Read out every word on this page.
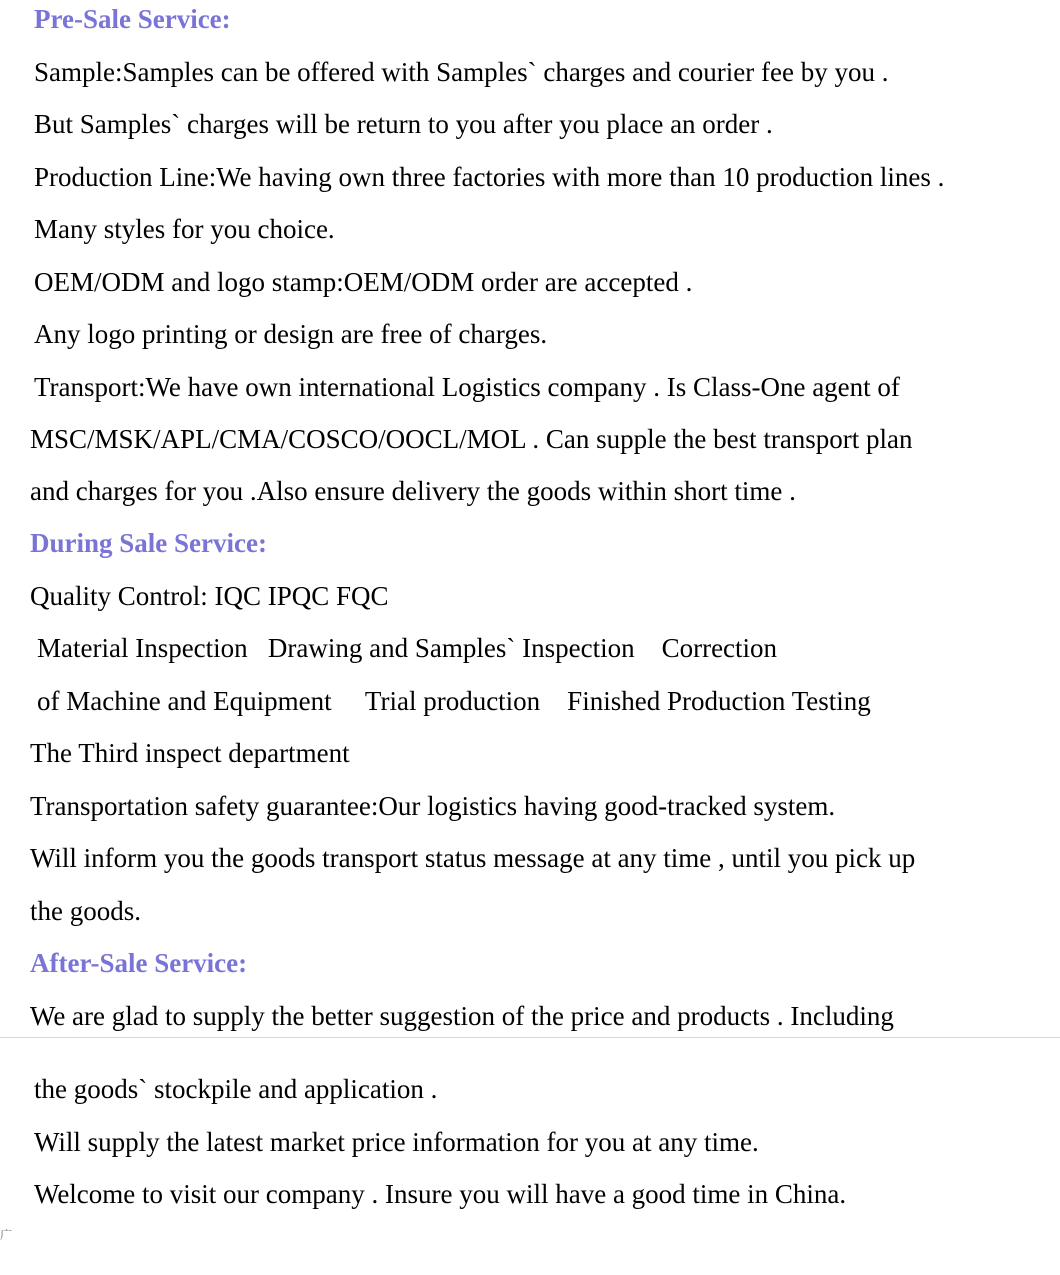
Pre-Sale Service:

Sample:Samples can be offered with Samples` charges and courier fee by you .

But Samples` charges will be return to you after you place an order .

Production Line:We having own three factories with more than 10 production lines .

Many styles for you choice.

OEM/ODM and logo stamp:OEM/ODM order are accepted .

Any logo printing or design are free of charges.

Transport:We have own international Logistics company . Is Class-One agent of

MSC/MSK/APL/CMA/COSCO/OOCL/MOL . Can supple the best transport plan

and charges for you .Also ensure delivery the goods within short time .

During Sale Service:

Quality Control: IQC IPQC FQC

Material Inspection   Drawing and Samples` Inspection    Correction

of Machine and Equipment     Trial production    Finished Production Testing

The Third inspect department

Transportation safety guarantee:Our logistics having good-tracked system.

Will inform you the goods transport status message at any time , until you pick up

the goods.

After-Sale Service:

We are glad to supply the better suggestion of the price and products . Including

the goods` stockpile and application .

Will supply the latest market price information for you at any time.

Welcome to visit our company . Insure you will have a good time in China.

广
